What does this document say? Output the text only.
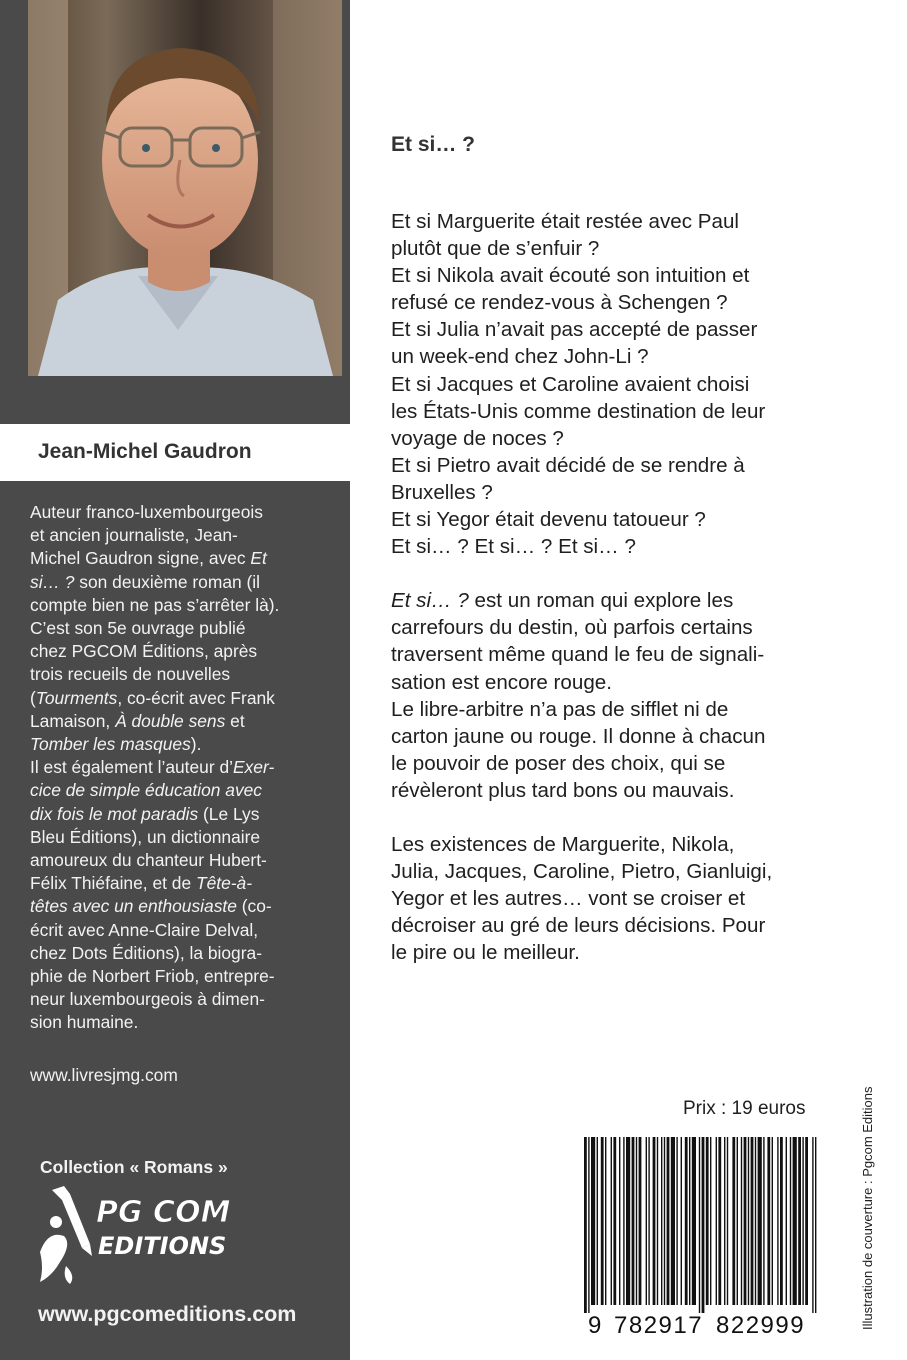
Jean-Michel Gaudron

Auteur franco-luxembourgeois

et ancien journaliste, Jean-

Michel Gaudron signe, avec Et

si… ? son deuxième roman (il

compte bien ne pas s’arrêter là).

C’est son 5e ouvrage publié

chez PGCOM Éditions, après

trois recueils de nouvelles

(Tourments, co-écrit avec Frank

Lamaison, À double sens et

Tomber les masques).

Il est également l’auteur d’Exer-

cice de simple éducation avec

dix fois le mot paradis (Le Lys

Bleu Éditions), un dictionnaire

amoureux du chanteur Hubert-

Félix Thiéfaine, et de Tête-à-

têtes avec un enthousiaste (co-

écrit avec Anne-Claire Delval,

chez Dots Éditions), la biogra-

phie de Norbert Friob, entrepre-

neur luxembourgeois à dimen-

sion humaine.

www.livresjmg.com
Collection « Romans »
PG COM
EDITIONS
www.pgcomeditions.com
Et si… ?

Et si Marguerite était restée avec Paul

plutôt que de s’enfuir ?

Et si Nikola avait écouté son intuition et

refusé ce rendez-vous à Schengen ?

Et si Julia n’avait pas accepté de passer

un week-end chez John-Li ?

Et si Jacques et Caroline avaient choisi

les États-Unis comme destination de leur

voyage de noces ?

Et si Pietro avait décidé de se rendre à

Bruxelles ?

Et si Yegor était devenu tatoueur ?

Et si… ? Et si… ? Et si… ?

Et si… ? est un roman qui explore les

carrefours du destin, où parfois certains

traversent même quand le feu de signali-

sation est encore rouge.

Le libre-arbitre n’a pas de sifflet ni de

carton jaune ou rouge. Il donne à chacun

le pouvoir de poser des choix, qui se

révèleront plus tard bons ou mauvais.

Les existences de Marguerite, Nikola,

Julia, Jacques, Caroline, Pietro, Gianluigi,

Yegor et les autres… vont se croiser et

décroiser au gré de leurs décisions. Pour

le pire ou le meilleur.

Prix : 19 euros
9 782917 822999	Illustration de couverture : Pgcom Editions
